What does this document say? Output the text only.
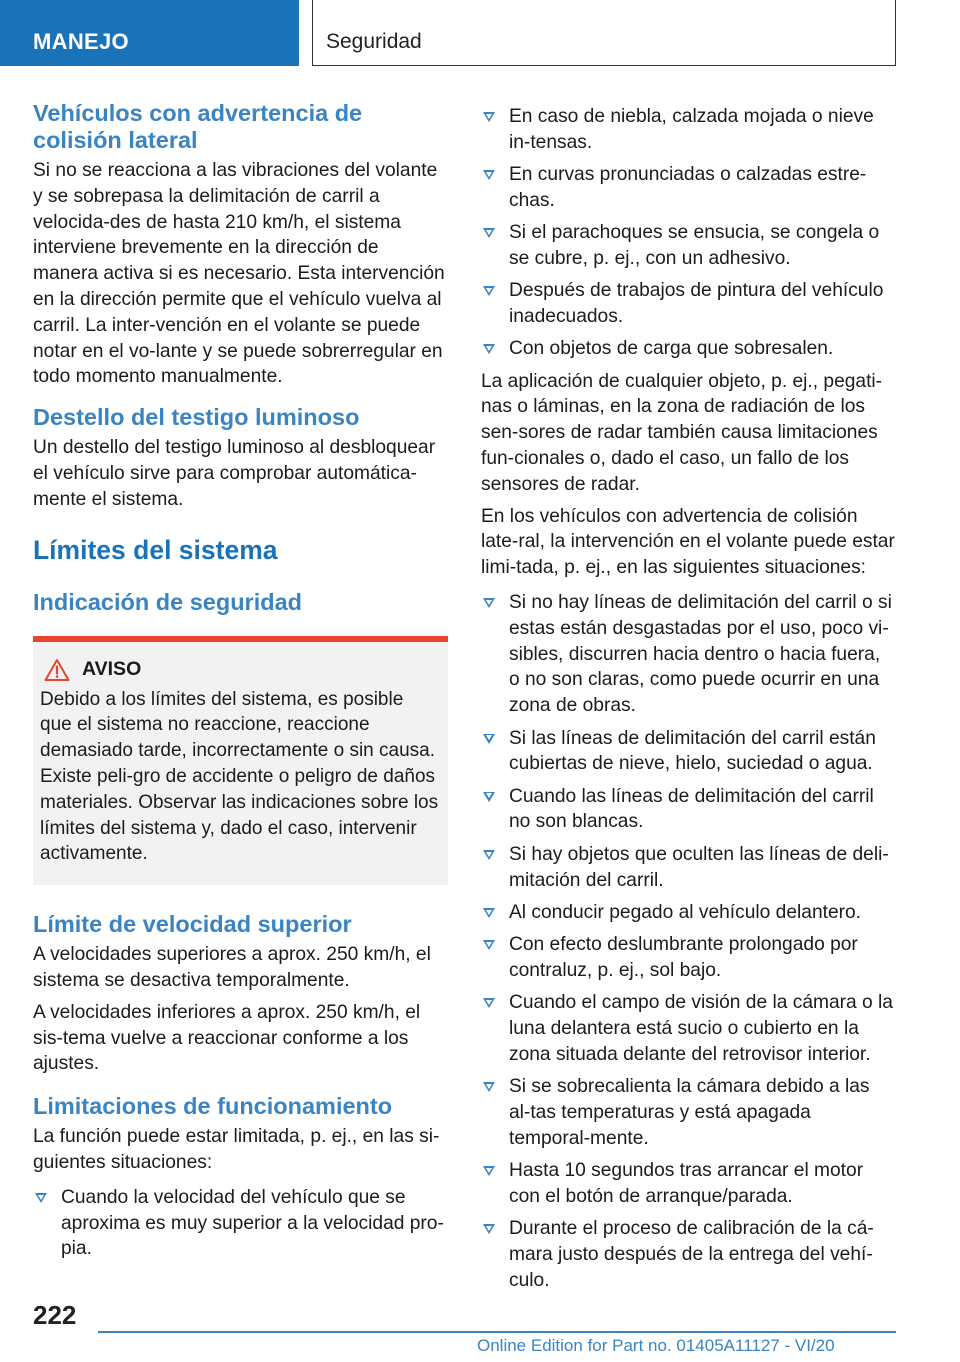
MANEJO	Seguridad
Vehículos con advertencia de colisión lateral

Si no se reacciona a las vibraciones del volante y se sobrepasa la delimitación de carril a velocida-des de hasta 210 km/h, el sistema interviene brevemente en la dirección de manera activa si es necesario. Esta intervención en la dirección permite que el vehículo vuelva al carril. La inter-vención en el volante se puede notar en el vo-lante y se puede sobrerregular en todo momento manualmente.

Destello del testigo luminoso

Un destello del testigo luminoso al desbloquear el vehículo sirve para comprobar automática-mente el sistema.

Límites del sistema
Indicación de seguridad
AVISO

Debido a los límites del sistema, es posible que el sistema no reaccione, reaccione demasiado tarde, incorrectamente o sin causa. Existe peli-gro de accidente o peligro de daños materiales. Observar las indicaciones sobre los límites del sistema y, dado el caso, intervenir activamente.

Límite de velocidad superior

A velocidades superiores a aprox. 250 km/h, el sistema se desactiva temporalmente.

A velocidades inferiores a aprox. 250 km/h, el sis-tema vuelve a reaccionar conforme a los ajustes.

Limitaciones de funcionamiento

La función puede estar limitada, p. ej., en las si-guientes situaciones:

Cuando la velocidad del vehículo que se aproxima es muy superior a la velocidad pro-pia.
En caso de niebla, calzada mojada o nieve in-tensas.
En curvas pronunciadas o calzadas estre-chas.
Si el parachoques se ensucia, se congela o se cubre, p. ej., con un adhesivo.
Después de trabajos de pintura del vehículo inadecuados.
Con objetos de carga que sobresalen.

La aplicación de cualquier objeto, p. ej., pegati-nas o láminas, en la zona de radiación de los sen-sores de radar también causa limitaciones fun-cionales o, dado el caso, un fallo de los sensores de radar.

En los vehículos con advertencia de colisión late-ral, la intervención en el volante puede estar limi-tada, p. ej., en las siguientes situaciones:

Si no hay líneas de delimitación del carril o si estas están desgastadas por el uso, poco vi-sibles, discurren hacia dentro o hacia fuera, o no son claras, como puede ocurrir en una zona de obras.
Si las líneas de delimitación del carril están cubiertas de nieve, hielo, suciedad o agua.
Cuando las líneas de delimitación del carril no son blancas.
Si hay objetos que oculten las líneas de deli-mitación del carril.
Al conducir pegado al vehículo delantero.
Con efecto deslumbrante prolongado por contraluz, p. ej., sol bajo.
Cuando el campo de visión de la cámara o la luna delantera está sucio o cubierto en la zona situada delante del retrovisor interior.
Si se sobrecalienta la cámara debido a las al-tas temperaturas y está apagada temporal-mente.
Hasta 10 segundos tras arrancar el motor con el botón de arranque/parada.
Durante el proceso de calibración de la cá-mara justo después de la entrega del vehí-culo.
222
Online Edition for Part no. 01405A11127 - VI/20
